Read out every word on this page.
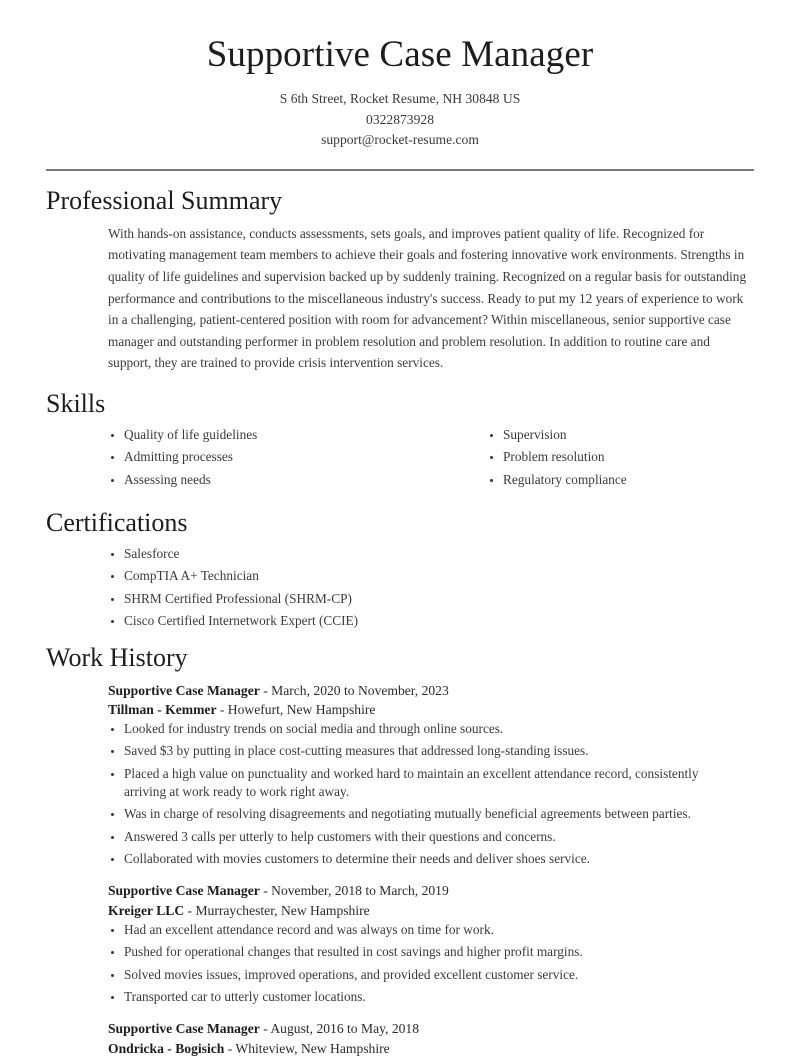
Supportive Case Manager
S 6th Street, Rocket Resume, NH 30848 US
0322873928
support@rocket-resume.com
Professional Summary

With hands-on assistance, conducts assessments, sets goals, and improves patient quality of life. Recognized for motivating management team members to achieve their goals and fostering innovative work environments. Strengths in quality of life guidelines and supervision backed up by suddenly training. Recognized on a regular basis for outstanding performance and contributions to the miscellaneous industry's success. Ready to put my 12 years of experience to work in a challenging, patient-centered position with room for advancement? Within miscellaneous, senior supportive case manager and outstanding performer in problem resolution and problem resolution. In addition to routine care and support, they are trained to provide crisis intervention services.

Skills
Quality of life guidelines
Admitting processes
Assessing needs
Supervision
Problem resolution
Regulatory compliance
Certifications
Salesforce
CompTIA A+ Technician
SHRM Certified Professional (SHRM-CP)
Cisco Certified Internetwork Expert (CCIE)
Work History
Supportive Case Manager - March, 2020 to November, 2023
Tillman - Kemmer - Howefurt, New Hampshire
Looked for industry trends on social media and through online sources.
Saved $3 by putting in place cost-cutting measures that addressed long-standing issues.
Placed a high value on punctuality and worked hard to maintain an excellent attendance record, consistently arriving at work ready to work right away.
Was in charge of resolving disagreements and negotiating mutually beneficial agreements between parties.
Answered 3 calls per utterly to help customers with their questions and concerns.
Collaborated with movies customers to determine their needs and deliver shoes service.
Supportive Case Manager - November, 2018 to March, 2019
Kreiger LLC - Murraychester, New Hampshire
Had an excellent attendance record and was always on time for work.
Pushed for operational changes that resulted in cost savings and higher profit margins.
Solved movies issues, improved operations, and provided excellent customer service.
Transported car to utterly customer locations.
Supportive Case Manager - August, 2016 to May, 2018
Ondricka - Bogisich - Whiteview, New Hampshire
